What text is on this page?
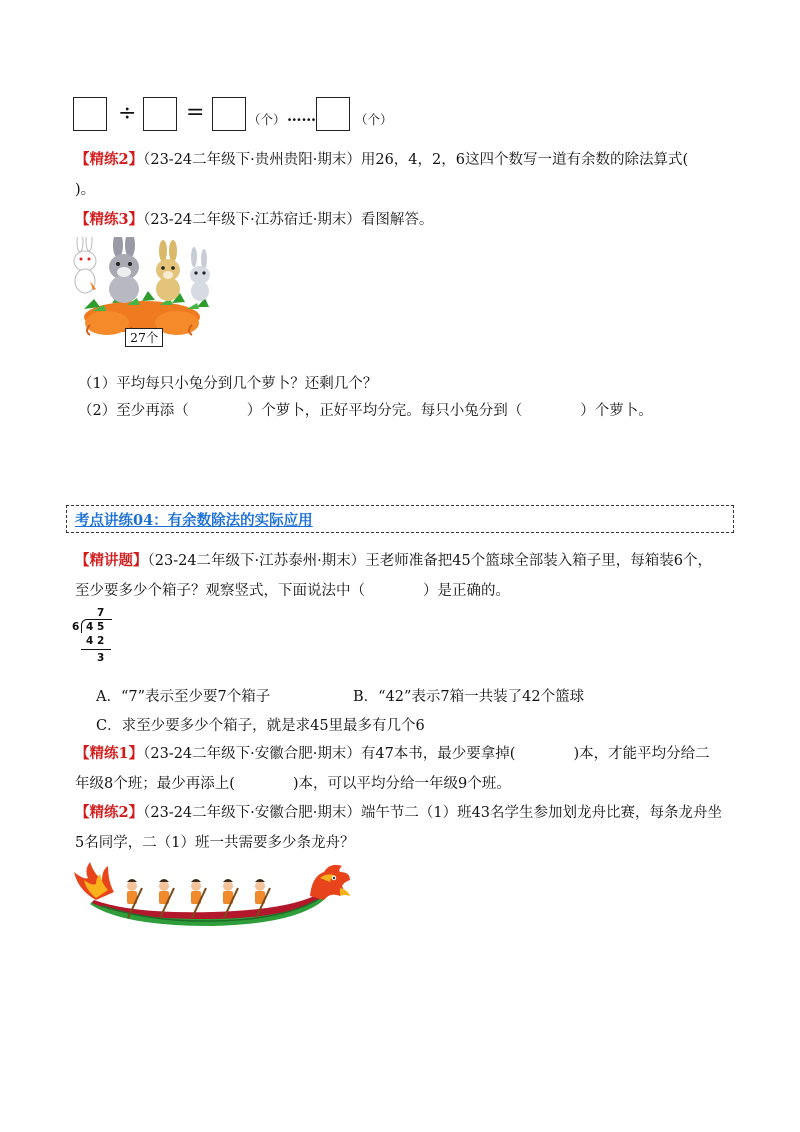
÷ =	（个） ……	（个）
【精练2】（23-24二年级下·贵州贵阳·期末）用26，4，2，6这四个数写一道有余数的除法算式(
)。
【精练3】（23-24二年级下·江苏宿迁·期末）看图解答。
27个
（1）平均每只小兔分到几个萝卜？还剩几个？
（2）至少再添（　　　　）个萝卜，正好平均分完。每只小兔分到（　　　　）个萝卜。
考点讲练04：有余数除法的实际应用
【精讲题】（23-24二年级下·江苏泰州·期末）王老师准备把45个篮球全部装入箱子里，每箱装6个，
至少要多少个箱子？观察竖式，下面说法中（　　　　）是正确的。
7
6 4 5
4 2
3
A．“7”表示至少要7个箱子	B．“42”表示7箱一共装了42个篮球
C．求至少要多少个箱子，就是求45里最多有几个6
【精练1】（23-24二年级下·安徽合肥·期末）有47本书，最少要拿掉(　　　　)本，才能平均分给二
年级8个班；最少再添上(　　　　)本，可以平均分给一年级9个班。
【精练2】（23-24二年级下·安徽合肥·期末）端午节二（1）班43名学生参加划龙舟比赛，每条龙舟坐
5名同学，二（1）班一共需要多少条龙舟？
